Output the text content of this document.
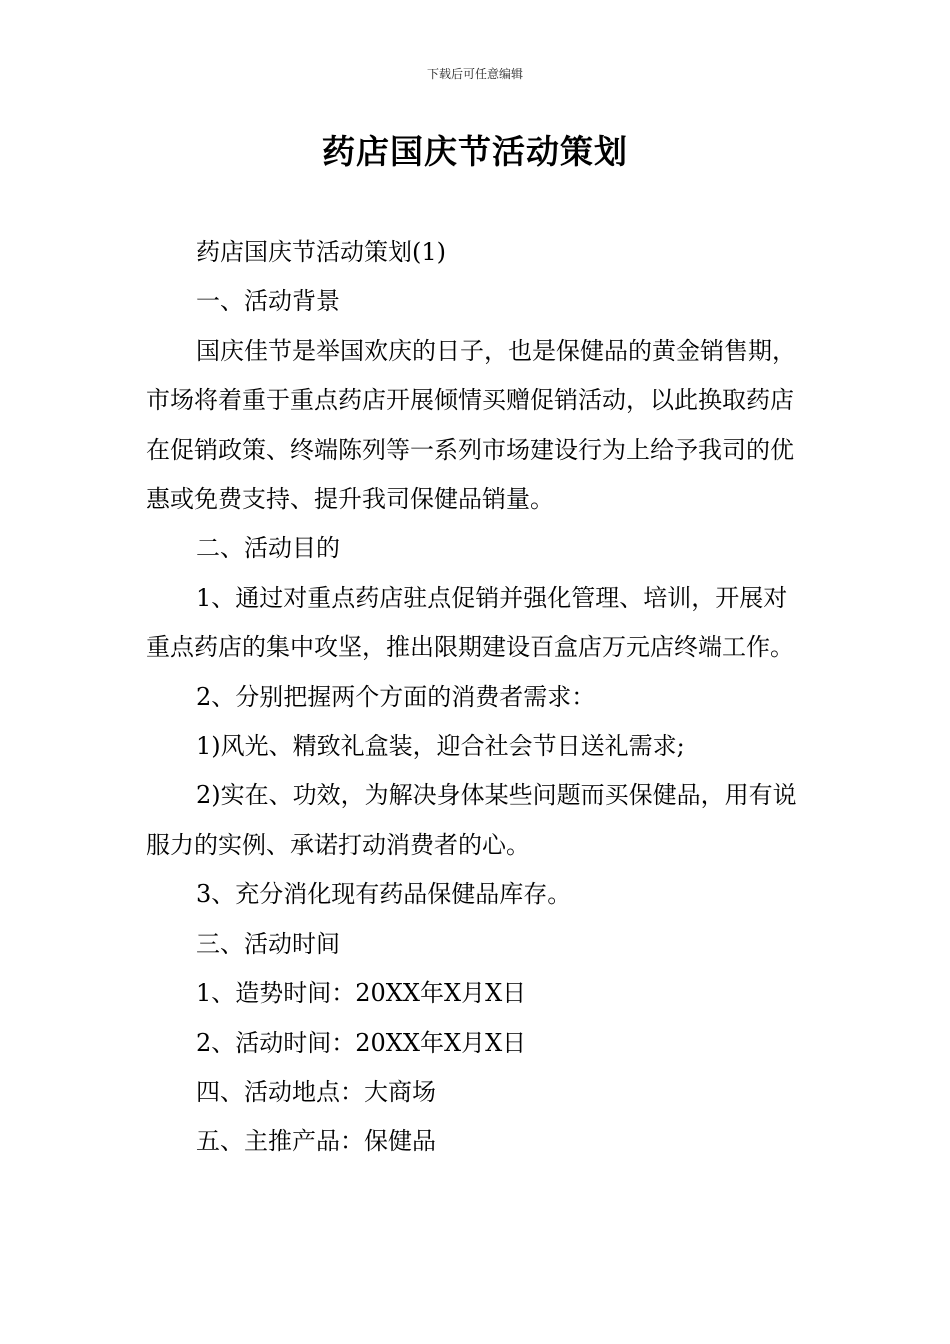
下载后可任意编辑
药店国庆节活动策划

药店国庆节活动策划(1)

一、活动背景

国庆佳节是举国欢庆的日子，也是保健品的黄金销售期，市场将着重于重点药店开展倾情买赠促销活动，以此换取药店在促销政策、终端陈列等一系列市场建设行为上给予我司的优惠或免费支持、提升我司保健品销量。

二、活动目的

1、通过对重点药店驻点促销并强化管理、培训，开展对重点药店的集中攻坚，推出限期建设百盒店万元店终端工作。

2、分别把握两个方面的消费者需求：

1)风光、精致礼盒装，迎合社会节日送礼需求;

2)实在、功效，为解决身体某些问题而买保健品，用有说服力的实例、承诺打动消费者的心。

3、充分消化现有药品保健品库存。

三、活动时间

1、造势时间：20XX年X月X日

2、活动时间：20XX年X月X日

四、活动地点：大商场

五、主推产品：保健品
